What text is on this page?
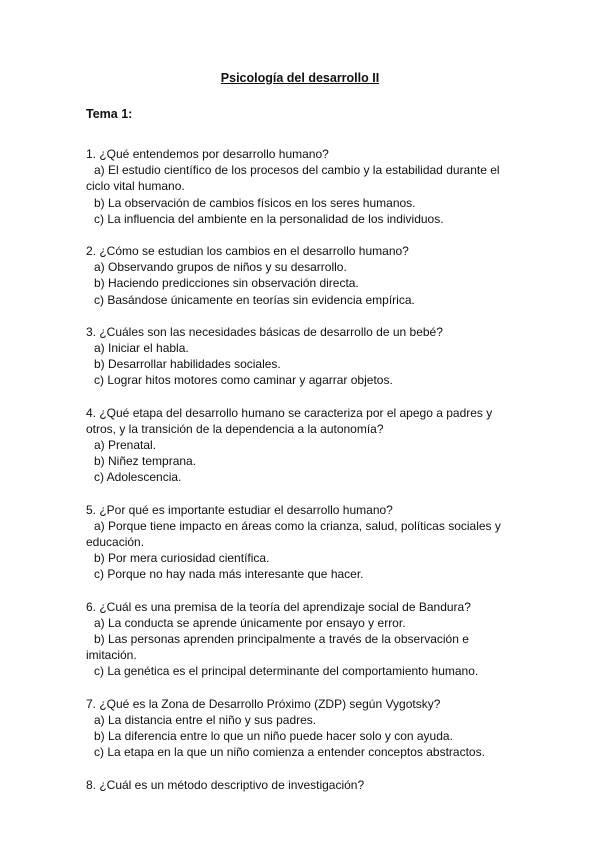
Psicología del desarrollo II
Tema 1:
1. ¿Qué entendemos por desarrollo humano?
a) El estudio científico de los procesos del cambio y la estabilidad durante el ciclo vital humano.
b) La observación de cambios físicos en los seres humanos.
c) La influencia del ambiente en la personalidad de los individuos.
2. ¿Cómo se estudian los cambios en el desarrollo humano?
a) Observando grupos de niños y su desarrollo.
b) Haciendo predicciones sin observación directa.
c) Basándose únicamente en teorías sin evidencia empírica.
3. ¿Cuáles son las necesidades básicas de desarrollo de un bebé?
a) Iniciar el habla.
b) Desarrollar habilidades sociales.
c) Lograr hitos motores como caminar y agarrar objetos.
4. ¿Qué etapa del desarrollo humano se caracteriza por el apego a padres y otros, y la transición de la dependencia a la autonomía?
a) Prenatal.
b) Niñez temprana.
c) Adolescencia.
5. ¿Por qué es importante estudiar el desarrollo humano?
a) Porque tiene impacto en áreas como la crianza, salud, políticas sociales y educación.
b) Por mera curiosidad científica.
c) Porque no hay nada más interesante que hacer.
6. ¿Cuál es una premisa de la teoría del aprendizaje social de Bandura?
a) La conducta se aprende únicamente por ensayo y error.
b) Las personas aprenden principalmente a través de la observación e imitación.
c) La genética es el principal determinante del comportamiento humano.
7. ¿Qué es la Zona de Desarrollo Próximo (ZDP) según Vygotsky?
a) La distancia entre el niño y sus padres.
b) La diferencia entre lo que un niño puede hacer solo y con ayuda.
c) La etapa en la que un niño comienza a entender conceptos abstractos.
8. ¿Cuál es un método descriptivo de investigación?
